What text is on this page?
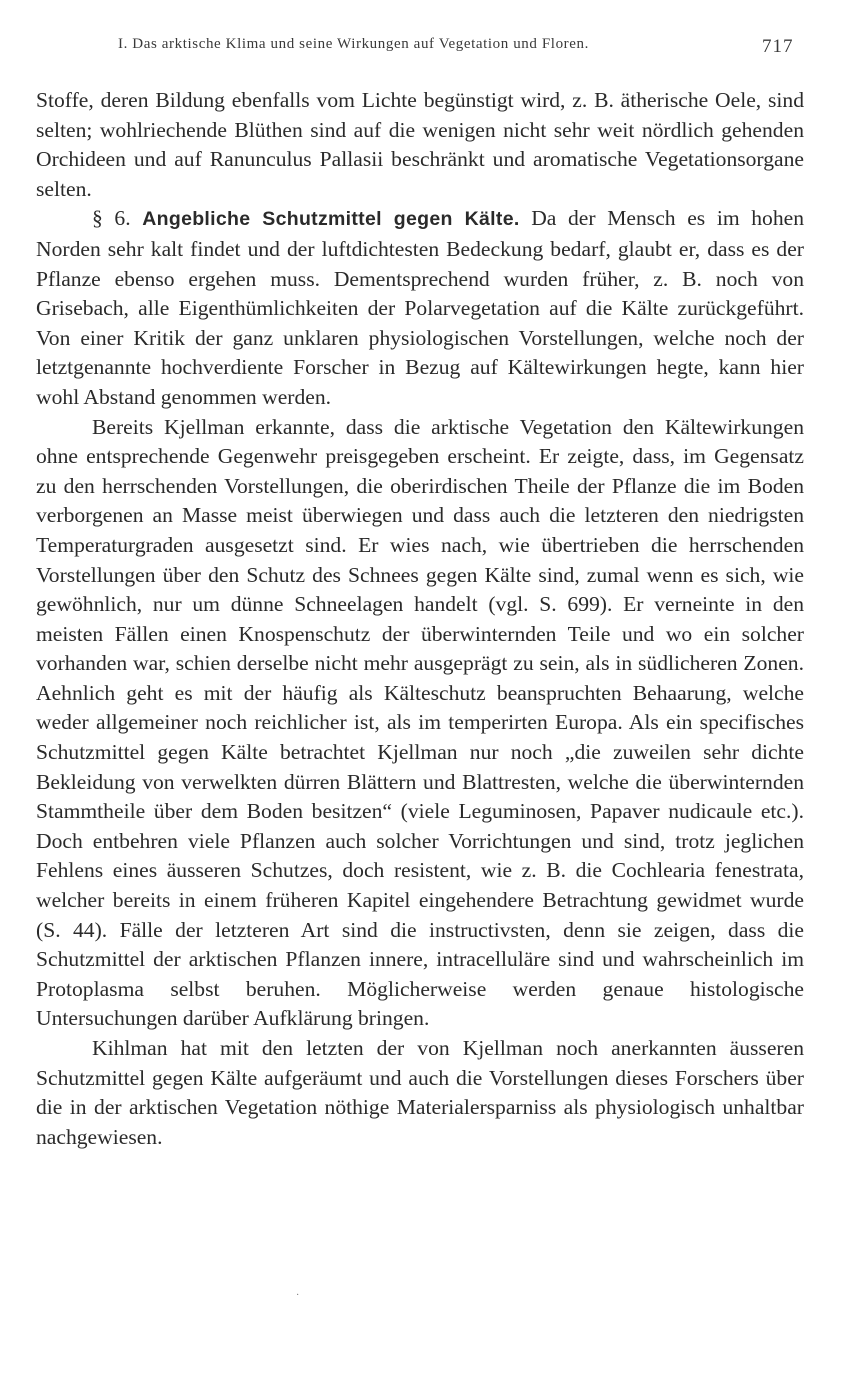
I. Das arktische Klima und seine Wirkungen auf Vegetation und Floren.	717

Stoffe, deren Bildung ebenfalls vom Lichte begünstigt wird, z. B. ätherische Oele, sind selten; wohlriechende Blüthen sind auf die wenigen nicht sehr weit nördlich gehenden Orchideen und auf Ranunculus Pallasii beschränkt und aromatische Vegetationsorgane selten.

§ 6. Angebliche Schutzmittel gegen Kälte. Da der Mensch es im hohen Norden sehr kalt findet und der luftdichtesten Bedeckung bedarf, glaubt er, dass es der Pflanze ebenso ergehen muss. Dementsprechend wurden früher, z. B. noch von Grisebach, alle Eigenthümlichkeiten der Polarvegetation auf die Kälte zurückgeführt. Von einer Kritik der ganz unklaren physiologischen Vorstellungen, welche noch der letztgenannte hochverdiente Forscher in Bezug auf Kältewirkungen hegte, kann hier wohl Abstand genommen werden.

Bereits Kjellman erkannte, dass die arktische Vegetation den Kältewirkungen ohne entsprechende Gegenwehr preisgegeben erscheint. Er zeigte, dass, im Gegensatz zu den herrschenden Vorstellungen, die oberirdischen Theile der Pflanze die im Boden verborgenen an Masse meist überwiegen und dass auch die letzteren den niedrigsten Temperaturgraden ausgesetzt sind. Er wies nach, wie übertrieben die herrschenden Vorstellungen über den Schutz des Schnees gegen Kälte sind, zumal wenn es sich, wie gewöhnlich, nur um dünne Schneelagen handelt (vgl. S. 699). Er verneinte in den meisten Fällen einen Knospenschutz der überwinternden Teile und wo ein solcher vorhanden war, schien derselbe nicht mehr ausgeprägt zu sein, als in südlicheren Zonen. Aehnlich geht es mit der häufig als Kälteschutz beanspruchten Behaarung, welche weder allgemeiner noch reichlicher ist, als im temperirten Europa. Als ein specifisches Schutzmittel gegen Kälte betrachtet Kjellman nur noch „die zuweilen sehr dichte Bekleidung von verwelkten dürren Blättern und Blattresten, welche die überwinternden Stammtheile über dem Boden besitzen“ (viele Leguminosen, Papaver nudicaule etc.). Doch entbehren viele Pflanzen auch solcher Vorrichtungen und sind, trotz jeglichen Fehlens eines äusseren Schutzes, doch resistent, wie z. B. die Cochlearia fenestrata, welcher bereits in einem früheren Kapitel eingehendere Betrachtung gewidmet wurde (S. 44). Fälle der letzteren Art sind die instructivsten, denn sie zeigen, dass die Schutzmittel der arktischen Pflanzen innere, intracelluläre sind und wahrscheinlich im Protoplasma selbst beruhen. Möglicherweise werden genaue histologische Untersuchungen darüber Aufklärung bringen.

Kihlman hat mit den letzten der von Kjellman noch anerkannten äusseren Schutzmittel gegen Kälte aufgeräumt und auch die Vorstellungen dieses Forschers über die in der arktischen Vegetation nöthige Materialersparniss als physiologisch unhaltbar nachgewiesen.

·
